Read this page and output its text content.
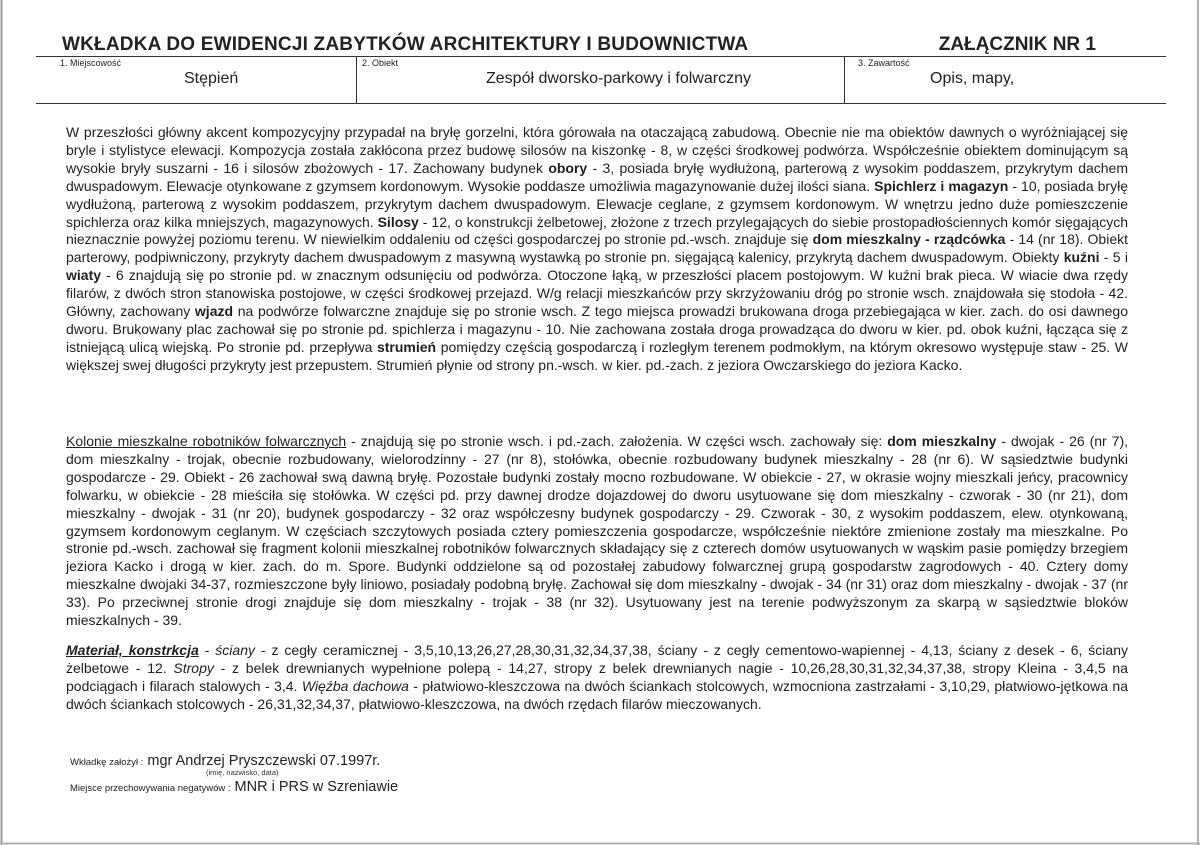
WKŁADKA DO EWIDENCJI ZABYTKÓW ARCHITEKTURY I BUDOWNICTWA	ZAŁĄCZNIK NR 1
1. Miejscowość
Stępień
2. Obiekt
Zespół dworsko-parkowy i folwarczny
3. Zawartość
Opis, mapy,

W przeszłości główny akcent kompozycyjny przypadał na bryłę gorzelni, która górowała na otaczającą zabudową. Obecnie nie ma obiektów dawnych o wyróżniającej się bryle i stylistyce elewacji. Kompozycja została zakłócona przez budowę silosów na kiszonkę - 8, w części środkowej podwórza. Współcześnie obiektem dominującym są wysokie bryły suszarni - 16 i silosów zbożowych - 17. Zachowany budynek obory - 3, posiada bryłę wydłużoną, parterową z wysokim poddaszem, przykrytym dachem dwuspadowym. Elewacje otynkowane z gzymsem kordonowym. Wysokie poddasze umożliwia magazynowanie dużej ilości siana. Spichlerz i magazyn - 10, posiada bryłę wydłużoną, parterową z wysokim poddaszem, przykrytym dachem dwuspadowym. Elewacje ceglane, z gzymsem kordonowym. W wnętrzu jedno duże pomieszczenie spichlerza oraz kilka mniejszych, magazynowych. Silosy - 12, o konstrukcji żelbetowej, złożone z trzech przylegających do siebie prostopadłościennych komór sięgających nieznacznie powyżej poziomu terenu. W niewielkim oddaleniu od części gospodarczej po stronie pd.-wsch. znajduje się dom mieszkalny - rządcówka - 14 (nr 18). Obiekt parterowy, podpiwniczony, przykryty dachem dwuspadowym z masywną wystawką po stronie pn. sięgającą kalenicy, przykrytą dachem dwuspadowym. Obiekty kuźni - 5 i wiaty - 6 znajdują się po stronie pd. w znacznym odsunięciu od podwórza. Otoczone łąką, w przeszłości placem postojowym. W kuźni brak pieca. W wiacie dwa rzędy filarów, z dwóch stron stanowiska postojowe, w części środkowej przejazd. W/g relacji mieszkańców przy skrzyżowaniu dróg po stronie wsch. znajdowała się stodoła - 42. Główny, zachowany wjazd na podwórze folwarczne znajduje się po stronie wsch. Z tego miejsca prowadzi brukowana droga przebiegająca w kier. zach. do osi dawnego dworu. Brukowany plac zachował się po stronie pd. spichlerza i magazynu - 10. Nie zachowana została droga prowadząca do dworu w kier. pd. obok kuźni, łącząca się z istniejącą ulicą wiejską. Po stronie pd. przepływa strumień pomiędzy częścią gospodarczą i rozległym terenem podmokłym, na którym okresowo występuje staw - 25. W większej swej długości przykryty jest przepustem. Strumień płynie od strony pn.-wsch. w kier. pd.-zach. z jeziora Owczarskiego do jeziora Kacko.

Kolonie mieszkalne robotników folwarcznych - znajdują się po stronie wsch. i pd.-zach. założenia. W części wsch. zachowały się: dom mieszkalny - dwojak - 26 (nr 7), dom mieszkalny - trojak, obecnie rozbudowany, wielorodzinny - 27 (nr 8), stołówka, obecnie rozbudowany budynek mieszkalny - 28 (nr 6). W sąsiedztwie budynki gospodarcze - 29. Obiekt - 26 zachował swą dawną bryłę. Pozostałe budynki zostały mocno rozbudowane. W obiekcie - 27, w okrasie wojny mieszkali jeńcy, pracownicy folwarku, w obiekcie - 28 mieściła się stołówka. W części pd. przy dawnej drodze dojazdowej do dworu usytuowane się dom mieszkalny - czworak - 30 (nr 21), dom mieszkalny - dwojak - 31 (nr 20), budynek gospodarczy - 32 oraz współczesny budynek gospodarczy - 29. Czworak - 30, z wysokim poddaszem, elew. otynkowaną, gzymsem kordonowym ceglanym. W częściach szczytowych posiada cztery pomieszczenia gospodarcze, współcześnie niektóre zmienione zostały ma mieszkalne. Po stronie pd.-wsch. zachował się fragment kolonii mieszkalnej robotników folwarcznych składający się z czterech domów usytuowanych w wąskim pasie pomiędzy brzegiem jeziora Kacko i drogą w kier. zach. do m. Spore. Budynki oddzielone są od pozostałej zabudowy folwarcznej grupą gospodarstw zagrodowych - 40. Cztery domy mieszkalne dwojaki 34-37, rozmieszczone były liniowo, posiadały podobną bryłę. Zachował się dom mieszkalny - dwojak - 34 (nr 31) oraz dom mieszkalny - dwojak - 37 (nr 33). Po przeciwnej stronie drogi znajduje się dom mieszkalny - trojak - 38 (nr 32). Usytuowany jest na terenie podwyższonym za skarpą w sąsiedztwie bloków mieszkalnych - 39.

Materiał, konstrkcja - ściany - z cegły ceramicznej - 3,5,10,13,26,27,28,30,31,32,34,37,38, ściany - z cegły cementowo-wapiennej - 4,13, ściany z desek - 6, ściany żelbetowe - 12. Stropy - z belek drewnianych wypełnione polepą - 14,27, stropy z belek drewnianych nagie - 10,26,28,30,31,32,34,37,38, stropy Kleina - 3,4,5 na podciągach i filarach stalowych - 3,4. Więźba dachowa - płatwiowo-kleszczowa na dwóch ściankach stolcowych, wzmocniona zastrzałami - 3,10,29, płatwiowo-jętkowa na dwóch ściankach stolcowych - 26,31,32,34,37, płatwiowo-kleszczowa, na dwóch rzędach filarów mieczowanych.

Wkładkę założył : mgr Andrzej Pryszczewski 07.1997r.
(imię, nazwisko, data)
Miejsce przechowywania negatywów : MNR i PRS w Szreniawie
